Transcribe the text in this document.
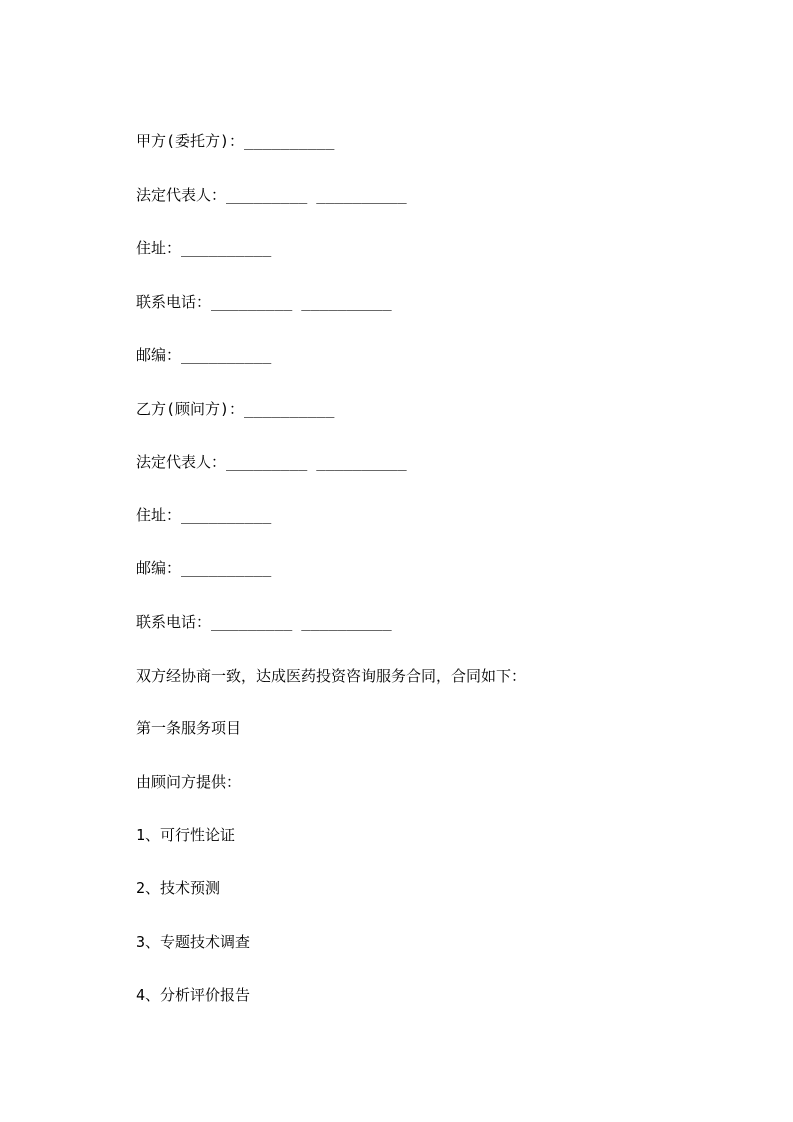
甲方(委托方)：__________
法定代表人：_________ __________
住址：__________
联系电话：_________ __________
邮编：__________
乙方(顾问方)：__________
法定代表人：_________ __________
住址：__________
邮编：__________
联系电话：_________ __________
双方经协商一致，达成医药投资咨询服务合同，合同如下：
第一条服务项目
由顾问方提供：
1、可行性论证
2、技术预测
3、专题技术调查
4、分析评价报告
